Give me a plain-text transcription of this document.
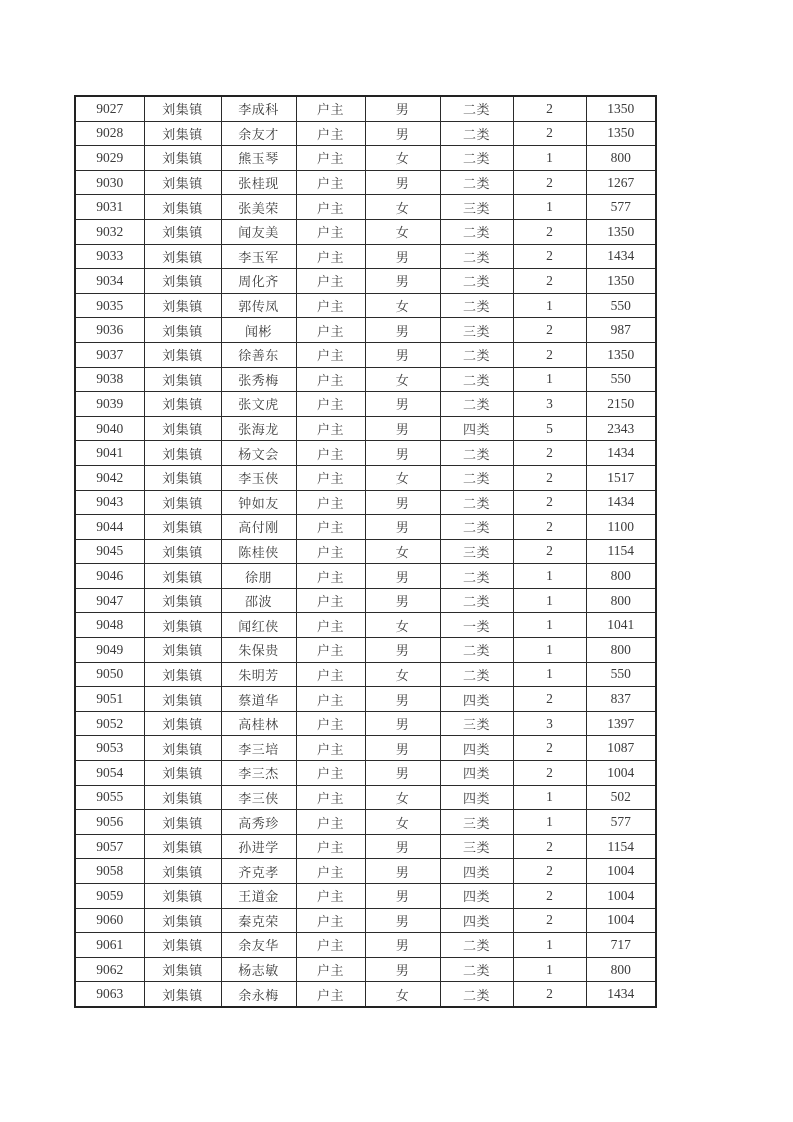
9027	刘集镇	李成科	户主	男	二类	2	1350
9028	刘集镇	余友才	户主	男	二类	2	1350
9029	刘集镇	熊玉琴	户主	女	二类	1	800
9030	刘集镇	张桂现	户主	男	二类	2	1267
9031	刘集镇	张美荣	户主	女	三类	1	577
9032	刘集镇	闻友美	户主	女	二类	2	1350
9033	刘集镇	李玉军	户主	男	二类	2	1434
9034	刘集镇	周化齐	户主	男	二类	2	1350
9035	刘集镇	郭传凤	户主	女	二类	1	550
9036	刘集镇	闻彬	户主	男	三类	2	987
9037	刘集镇	徐善东	户主	男	二类	2	1350
9038	刘集镇	张秀梅	户主	女	二类	1	550
9039	刘集镇	张文虎	户主	男	二类	3	2150
9040	刘集镇	张海龙	户主	男	四类	5	2343
9041	刘集镇	杨文会	户主	男	二类	2	1434
9042	刘集镇	李玉侠	户主	女	二类	2	1517
9043	刘集镇	钟如友	户主	男	二类	2	1434
9044	刘集镇	高付刚	户主	男	二类	2	1100
9045	刘集镇	陈桂侠	户主	女	三类	2	1154
9046	刘集镇	徐朋	户主	男	二类	1	800
9047	刘集镇	邵波	户主	男	二类	1	800
9048	刘集镇	闻红侠	户主	女	一类	1	1041
9049	刘集镇	朱保贵	户主	男	二类	1	800
9050	刘集镇	朱明芳	户主	女	二类	1	550
9051	刘集镇	蔡道华	户主	男	四类	2	837
9052	刘集镇	高桂林	户主	男	三类	3	1397
9053	刘集镇	李三培	户主	男	四类	2	1087
9054	刘集镇	李三杰	户主	男	四类	2	1004
9055	刘集镇	李三侠	户主	女	四类	1	502
9056	刘集镇	高秀珍	户主	女	三类	1	577
9057	刘集镇	孙进学	户主	男	三类	2	1154
9058	刘集镇	齐克孝	户主	男	四类	2	1004
9059	刘集镇	王道金	户主	男	四类	2	1004
9060	刘集镇	秦克荣	户主	男	四类	2	1004
9061	刘集镇	余友华	户主	男	二类	1	717
9062	刘集镇	杨志敏	户主	男	二类	1	800
9063	刘集镇	余永梅	户主	女	二类	2	1434
